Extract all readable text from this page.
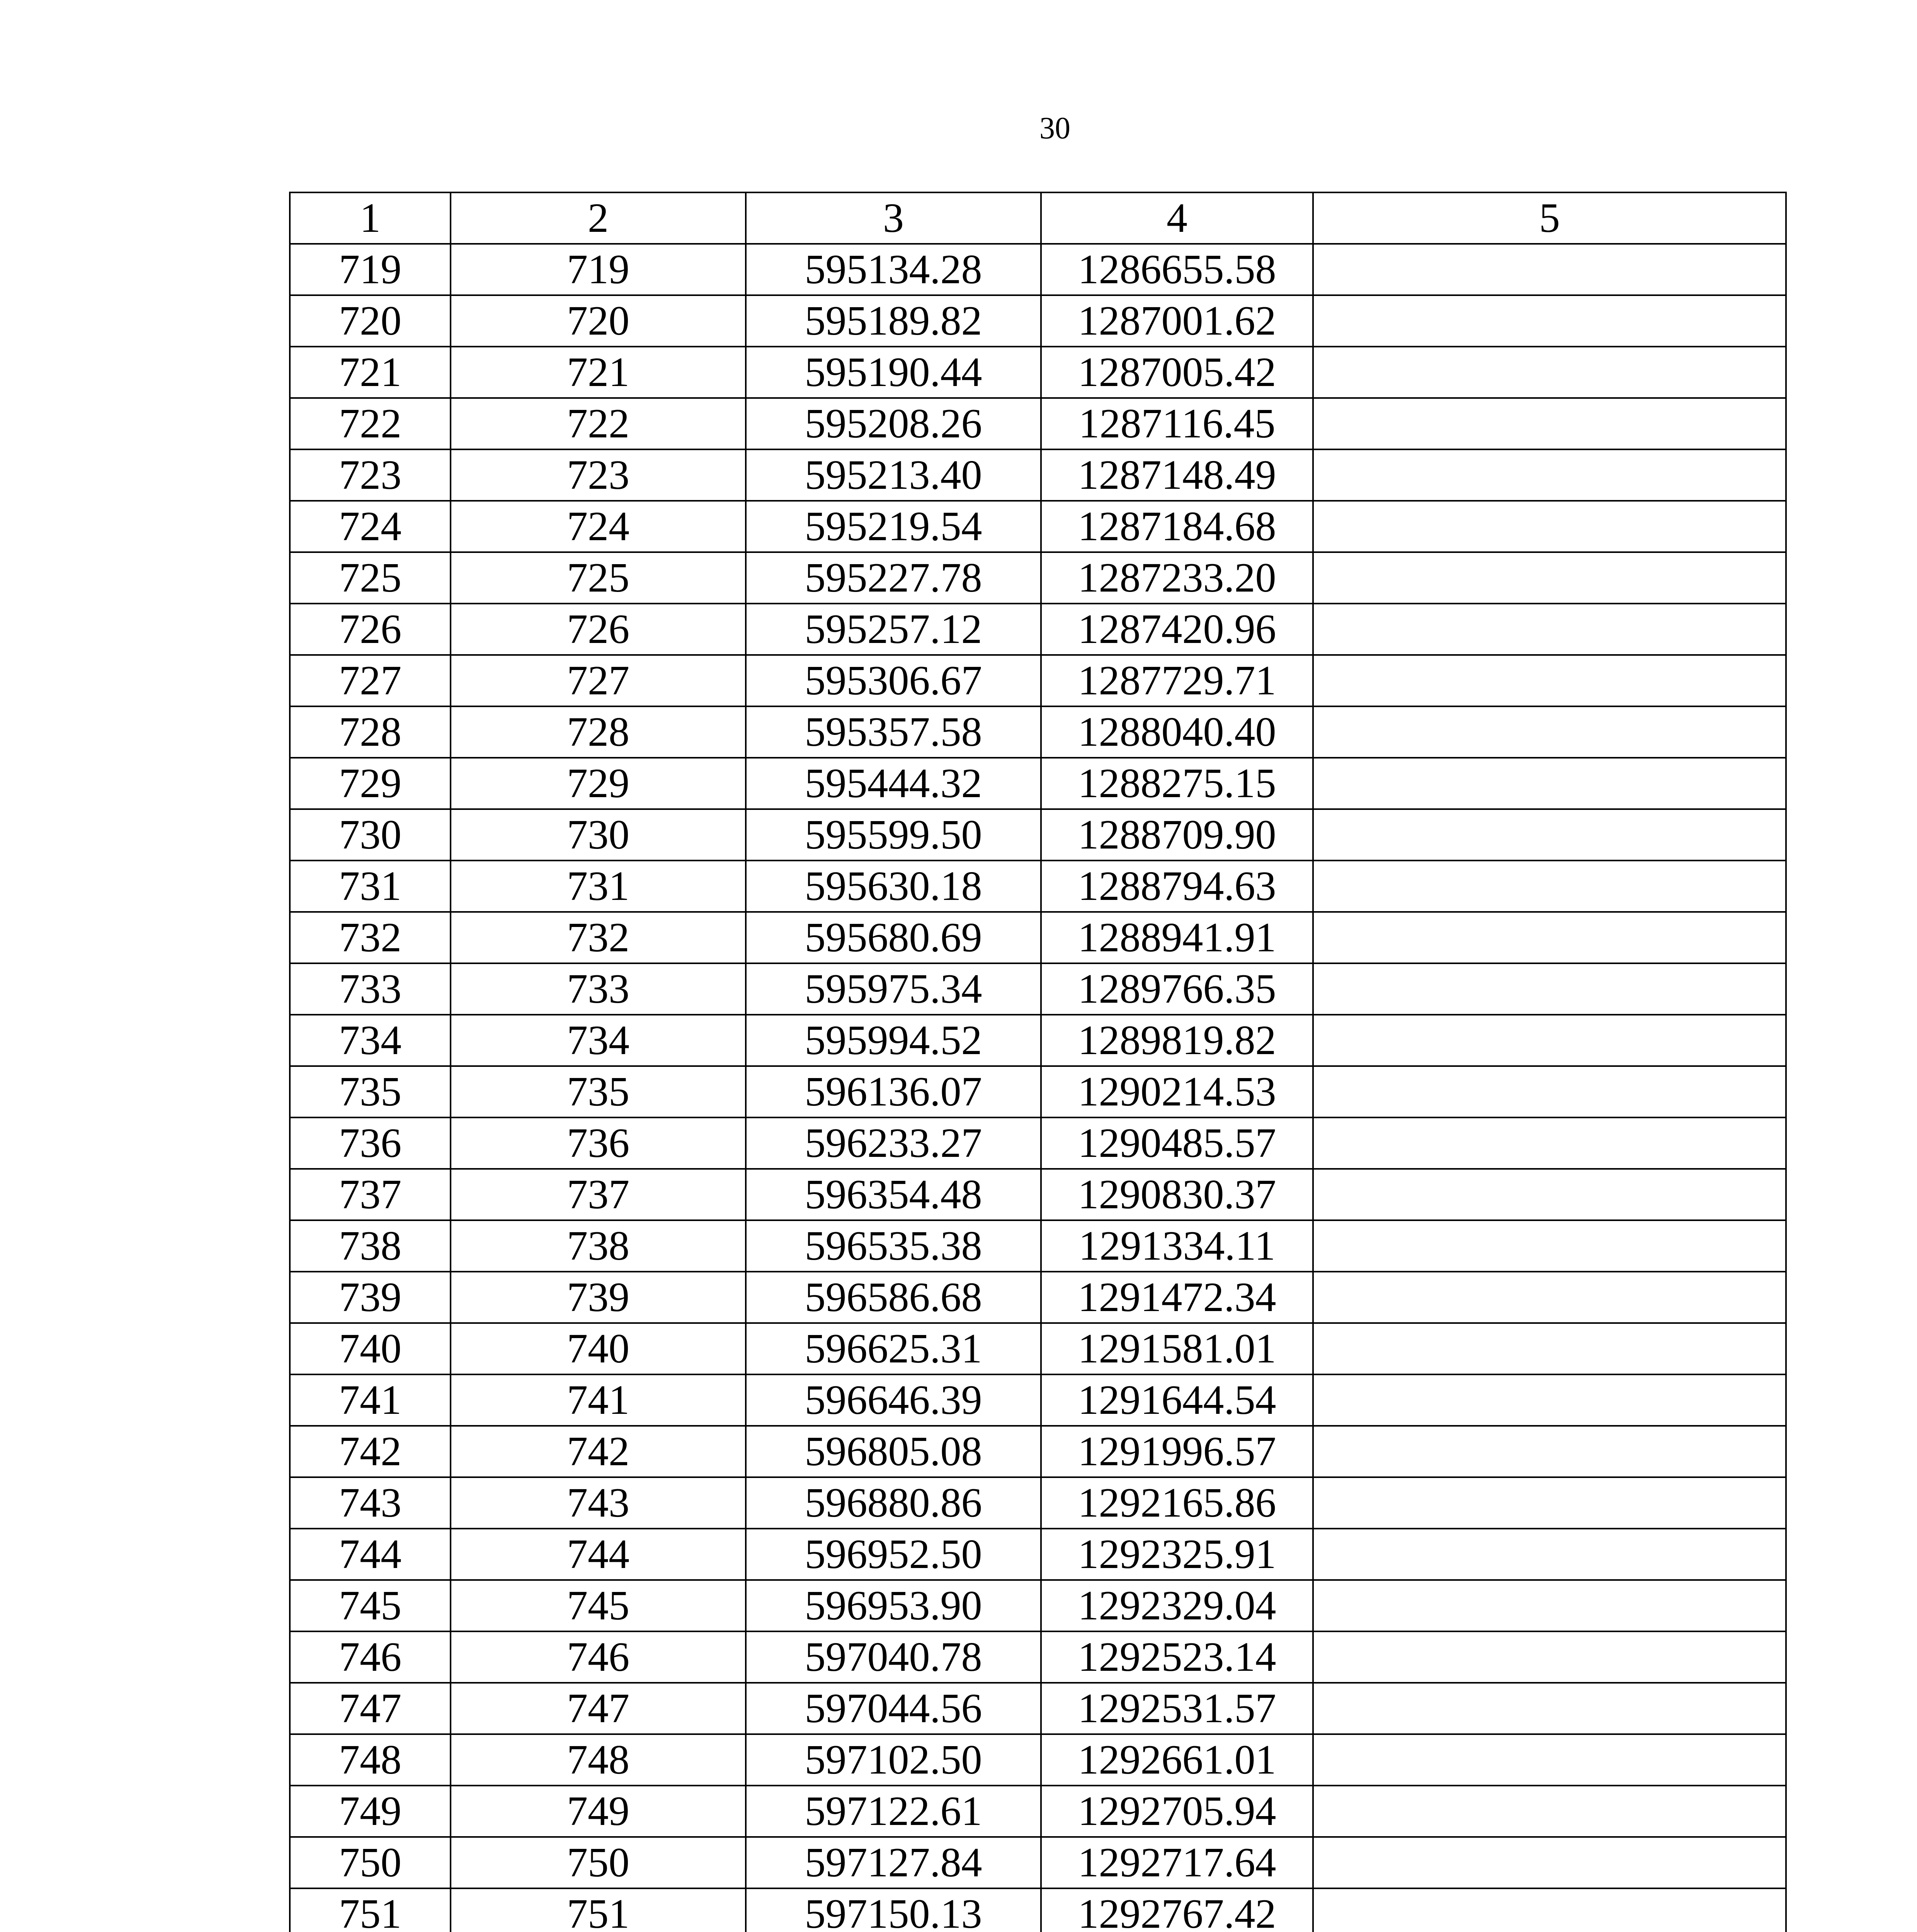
30
1	2	3	4	5
719	719	595134.28	1286655.58	
720	720	595189.82	1287001.62	
721	721	595190.44	1287005.42	
722	722	595208.26	1287116.45	
723	723	595213.40	1287148.49	
724	724	595219.54	1287184.68	
725	725	595227.78	1287233.20	
726	726	595257.12	1287420.96	
727	727	595306.67	1287729.71	
728	728	595357.58	1288040.40	
729	729	595444.32	1288275.15	
730	730	595599.50	1288709.90	
731	731	595630.18	1288794.63	
732	732	595680.69	1288941.91	
733	733	595975.34	1289766.35	
734	734	595994.52	1289819.82	
735	735	596136.07	1290214.53	
736	736	596233.27	1290485.57	
737	737	596354.48	1290830.37	
738	738	596535.38	1291334.11	
739	739	596586.68	1291472.34	
740	740	596625.31	1291581.01	
741	741	596646.39	1291644.54	
742	742	596805.08	1291996.57	
743	743	596880.86	1292165.86	
744	744	596952.50	1292325.91	
745	745	596953.90	1292329.04	
746	746	597040.78	1292523.14	
747	747	597044.56	1292531.57	
748	748	597102.50	1292661.01	
749	749	597122.61	1292705.94	
750	750	597127.84	1292717.64	
751	751	597150.13	1292767.42	
